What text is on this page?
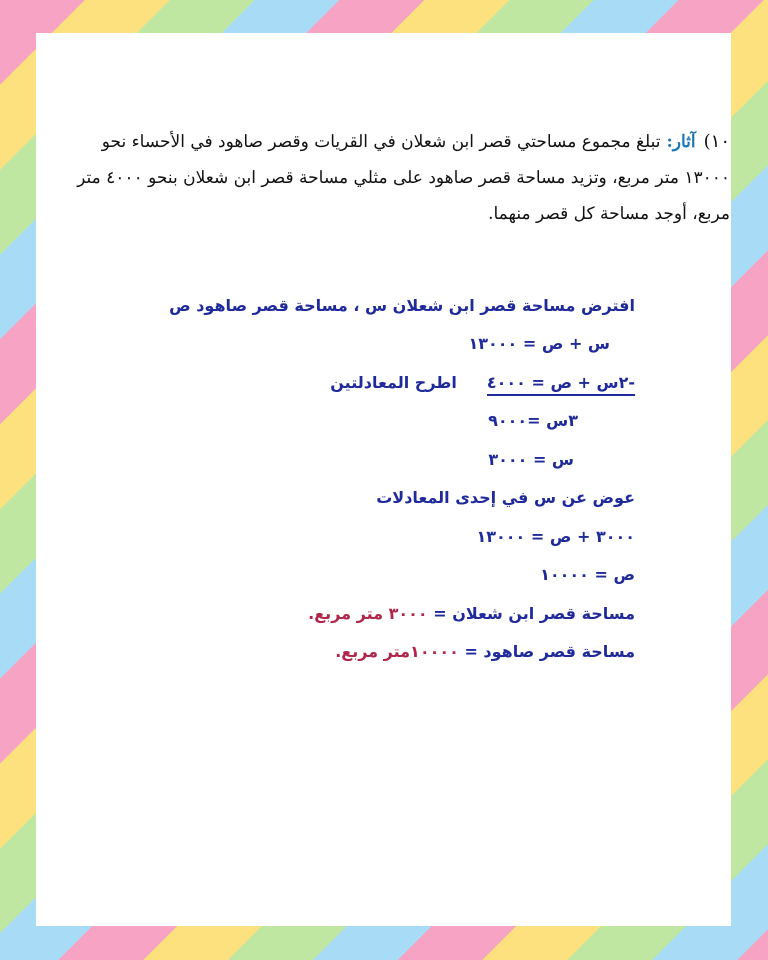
١٠)آثار:تبلغ مجموع مساحتي قصر ابن شعلان في القريات وقصر صاهود في الأحساء نحو
١٣٠٠٠ متر مربع، وتزيد مساحة قصر صاهود على مثلي مساحة قصر ابن شعلان بنحو ٤٠٠٠ متر
مربع، أوجد مساحة كل قصر منهما.
افترض مساحة قصر ابن شعلان س ، مساحة قصر صاهود ص
س + ص = ١٣٠٠٠
-٢س + ص = ٤٠٠٠اطرح المعادلتين
٣س =٩٠٠٠
س = ٣٠٠٠
عوض عن س في إحدى المعادلات
٣٠٠٠ + ص = ١٣٠٠٠
ص = ١٠٠٠٠
مساحة قصر ابن شعلان = ٣٠٠٠ متر مربع.
مساحة قصر صاهود = ١٠٠٠٠متر مربع.
